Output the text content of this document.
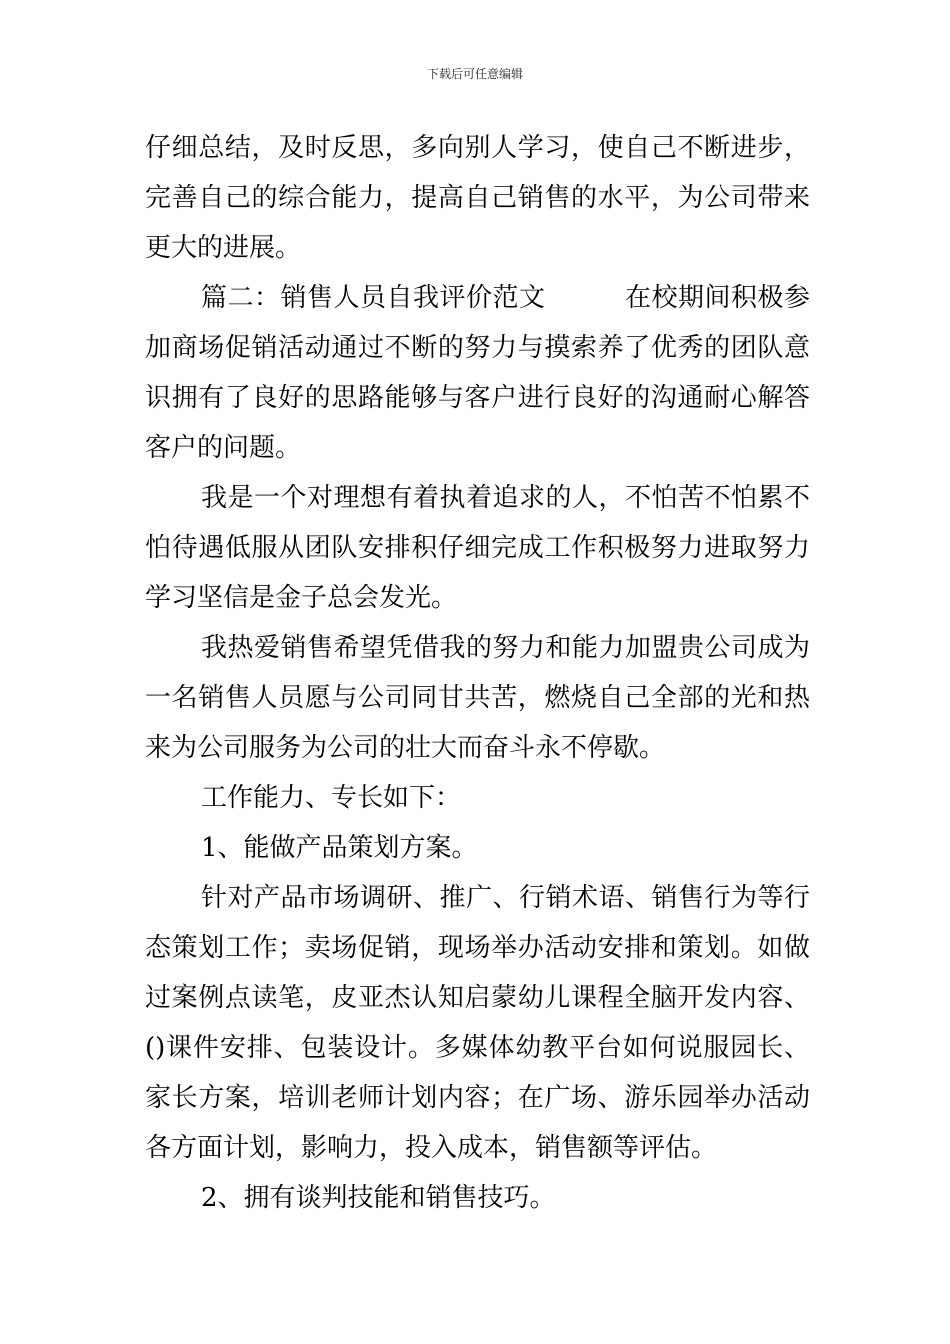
下载后可任意编辑

仔细总结，及时反思，多向别人学习，使自己不断进步，完善自己的综合能力，提高自己销售的水平，为公司带来更大的进展。

篇二：销售人员自我评价范文　　　在校期间积极参加商场促销活动通过不断的努力与摸索养了优秀的团队意识拥有了良好的思路能够与客户进行良好的沟通耐心解答客户的问题。

我是一个对理想有着执着追求的人，不怕苦不怕累不怕待遇低服从团队安排积仔细完成工作积极努力进取努力学习坚信是金子总会发光。

我热爱销售希望凭借我的努力和能力加盟贵公司成为一名销售人员愿与公司同甘共苦，燃烧自己全部的光和热来为公司服务为公司的壮大而奋斗永不停歇。

工作能力、专长如下：

1、能做产品策划方案。

针对产品市场调研、推广、行销术语、销售行为等行态策划工作；卖场促销，现场举办活动安排和策划。如做过案例点读笔，皮亚杰认知启蒙幼儿课程全脑开发内容、()课件安排、包装设计。多媒体幼教平台如何说服园长、家长方案，培训老师计划内容；在广场、游乐园举办活动各方面计划，影响力，投入成本，销售额等评估。

2、拥有谈判技能和销售技巧。
